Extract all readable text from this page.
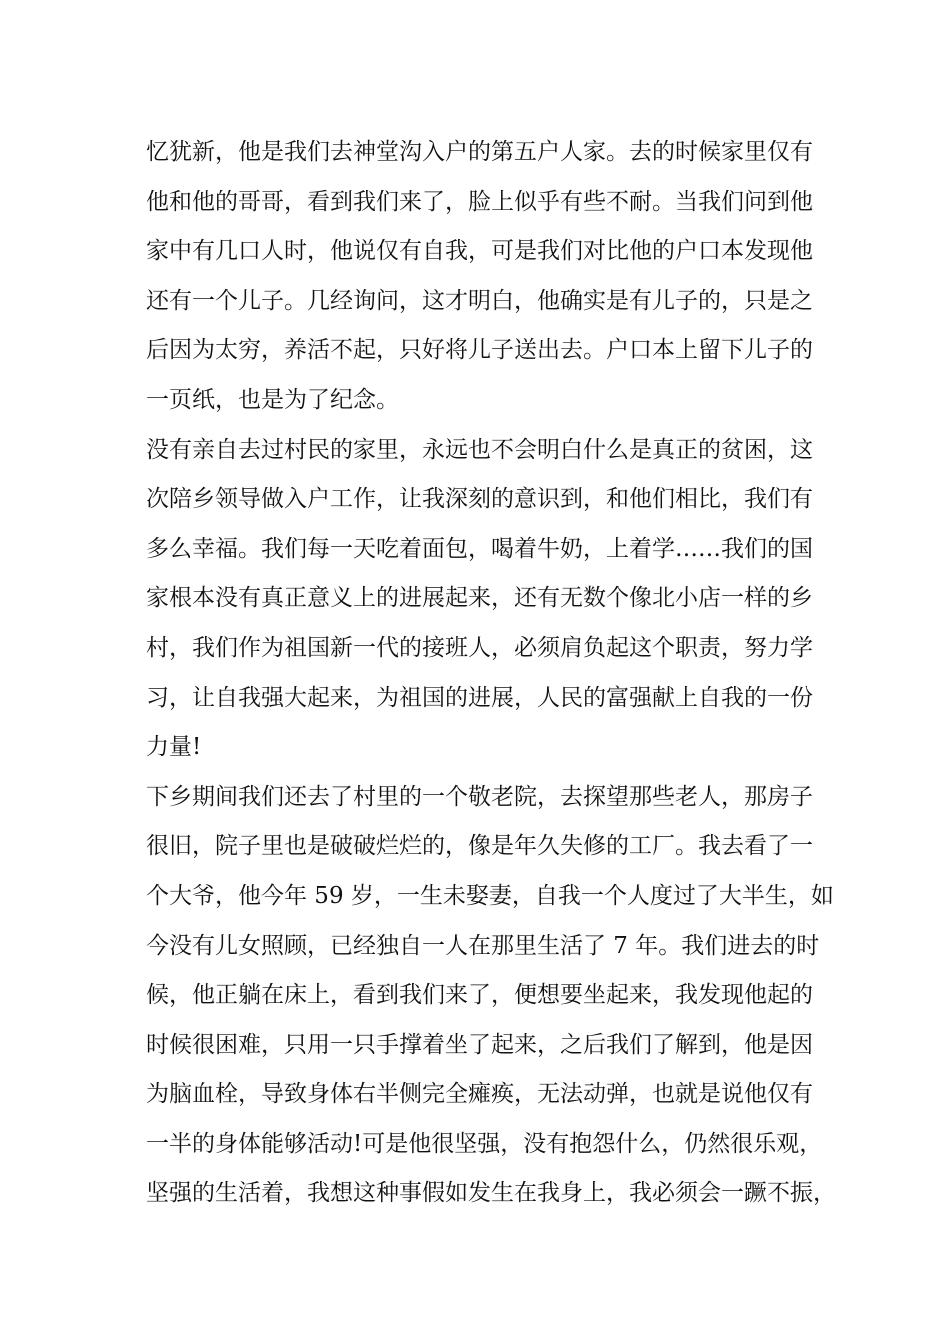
忆犹新，他是我们去神堂沟入户的第五户人家。去的时候家里仅有
他和他的哥哥，看到我们来了，脸上似乎有些不耐。当我们问到他
家中有几口人时，他说仅有自我，可是我们对比他的户口本发现他
还有一个儿子。几经询问，这才明白，他确实是有儿子的，只是之
后因为太穷，养活不起，只好将儿子送出去。户口本上留下儿子的
一页纸，也是为了纪念。
没有亲自去过村民的家里，永远也不会明白什么是真正的贫困，这
次陪乡领导做入户工作，让我深刻的意识到，和他们相比，我们有
多么幸福。我们每一天吃着面包，喝着牛奶，上着学……我们的国
家根本没有真正意义上的进展起来，还有无数个像北小店一样的乡
村，我们作为祖国新一代的接班人，必须肩负起这个职责，努力学
习，让自我强大起来，为祖国的进展，人民的富强献上自我的一份
力量!
下乡期间我们还去了村里的一个敬老院，去探望那些老人，那房子
很旧，院子里也是破破烂烂的，像是年久失修的工厂。我去看了一
个大爷，他今年 59 岁，一生未娶妻，自我一个人度过了大半生，如
今没有儿女照顾，已经独自一人在那里生活了 7 年。我们进去的时
候，他正躺在床上，看到我们来了，便想要坐起来，我发现他起的
时候很困难，只用一只手撑着坐了起来，之后我们了解到，他是因
为脑血栓，导致身体右半侧完全瘫痪，无法动弹，也就是说他仅有
一半的身体能够活动!可是他很坚强，没有抱怨什么，仍然很乐观，
坚强的生活着，我想这种事假如发生在我身上，我必须会一蹶不振，
